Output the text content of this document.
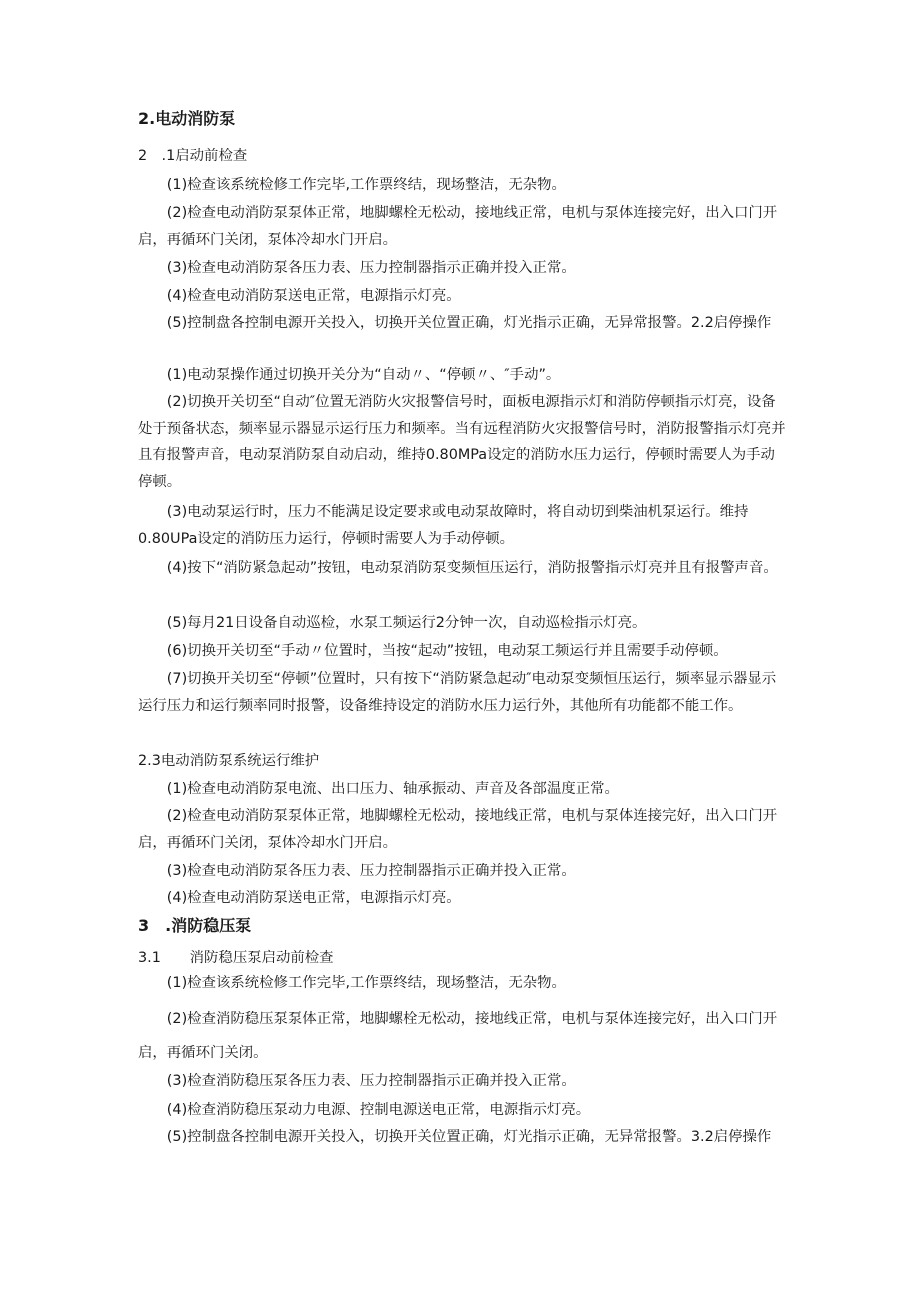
2.电动消防泵

2　.1启动前检查

(1)检查该系统检修工作完毕,工作票终结，现场整洁，无杂物。

(2)检查电动消防泵泵体正常，地脚螺栓无松动，接地线正常，电机与泵体连接完好，出入口门开启，再循环门关闭，泵体冷却水门开启。

(3)检查电动消防泵各压力表、压力控制器指示正确并投入正常。

(4)检查电动消防泵送电正常，电源指示灯亮。

(5)控制盘各控制电源开关投入，切换开关位置正确，灯光指示正确，无异常报警。2.2启停操作

(1)电动泵操作通过切换开关分为“自动〃、“停顿〃、″手动”。

(2)切换开关切至“自动″位置无消防火灾报警信号时，面板电源指示灯和消防停顿指示灯亮，设备处于预备状态，频率显示器显示运行压力和频率。当有远程消防火灾报警信号时，消防报警指示灯亮并且有报警声音，电动泵消防泵自动启动，维持0.80MPa设定的消防水压力运行，停顿时需要人为手动停顿。

(3)电动泵运行时，压力不能满足设定要求或电动泵故障时，将自动切到柴油机泵运行。维持0.80UPa设定的消防压力运行，停顿时需要人为手动停顿。

(4)按下“消防紧急起动”按钮，电动泵消防泵变频恒压运行，消防报警指示灯亮并且有报警声音。

(5)每月21日设备自动巡检，水泵工频运行2分钟一次，自动巡检指示灯亮。

(6)切换开关切至“手动〃位置时，当按“起动”按钮，电动泵工频运行并且需要手动停顿。

(7)切换开关切至“停顿”位置时，只有按下“消防紧急起动″电动泵变频恒压运行，频率显示器显示运行压力和运行频率同时报警，设备维持设定的消防水压力运行外，其他所有功能都不能工作。

2.3电动消防泵系统运行维护

(1)检查电动消防泵电流、出口压力、轴承振动、声音及各部温度正常。

(2)检查电动消防泵泵体正常，地脚螺栓无松动，接地线正常，电机与泵体连接完好，出入口门开启，再循环门关闭，泵体冷却水门开启。

(3)检查电动消防泵各压力表、压力控制器指示正确并投入正常。

(4)检查电动消防泵送电正常，电源指示灯亮。

3　.消防稳压泵

3.1　　消防稳压泵启动前检查

(1)检查该系统检修工作完毕,工作票终结，现场整洁，无杂物。

(2)检查消防稳压泵泵体正常，地脚螺栓无松动，接地线正常，电机与泵体连接完好，出入口门开启，再循环门关闭。

(3)检查消防稳压泵各压力表、压力控制器指示正确并投入正常。

(4)检查消防稳压泵动力电源、控制电源送电正常，电源指示灯亮。

(5)控制盘各控制电源开关投入，切换开关位置正确，灯光指示正确，无异常报警。3.2启停操作
